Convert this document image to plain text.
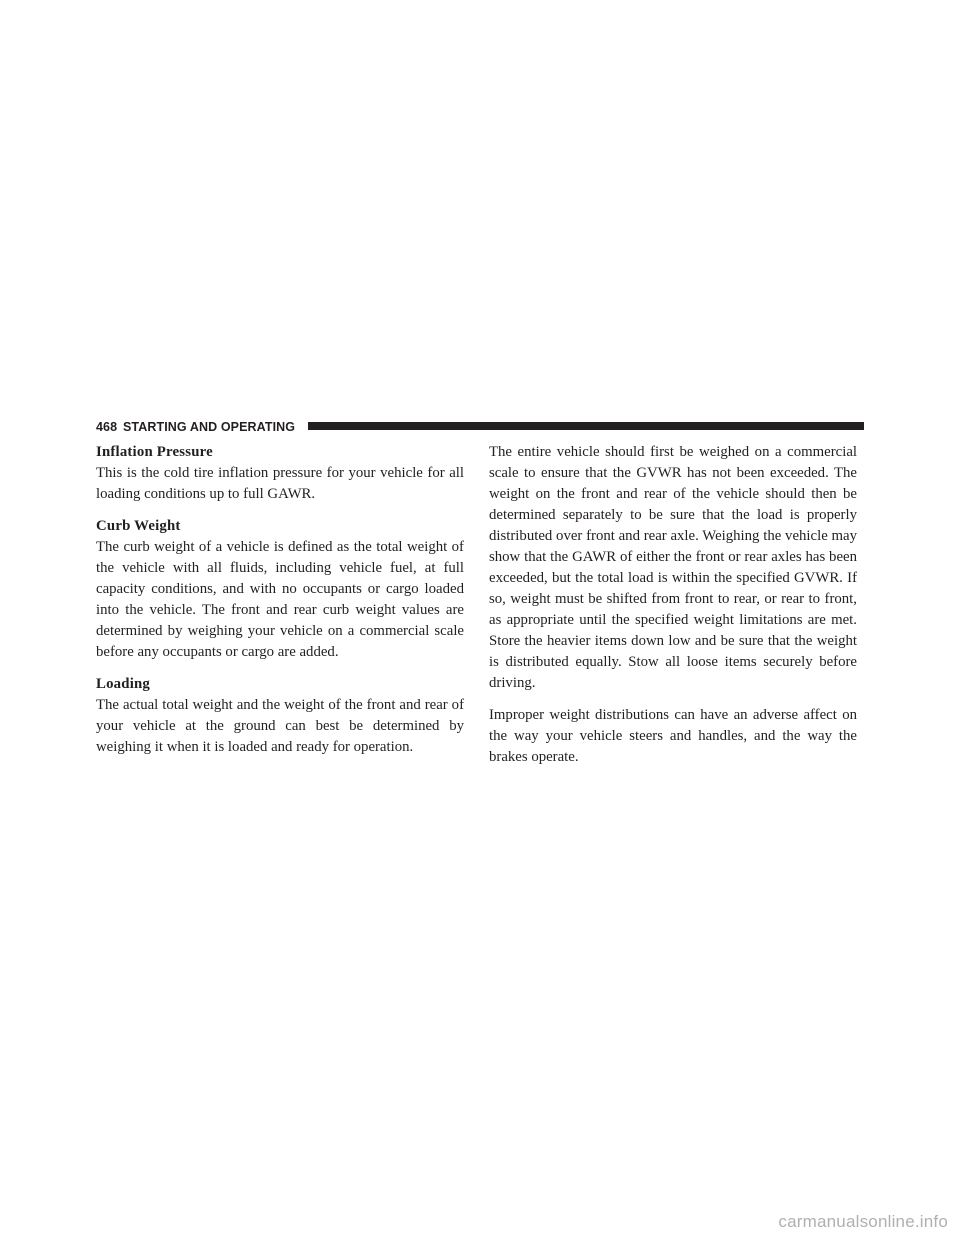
468 STARTING AND OPERATING

Inflation Pressure

This is the cold tire inflation pressure for your vehicle for all loading conditions up to full GAWR.

Curb Weight

The curb weight of a vehicle is defined as the total weight of the vehicle with all fluids, including vehicle fuel, at full capacity conditions, and with no occupants or cargo loaded into the vehicle. The front and rear curb weight values are determined by weighing your vehicle on a commercial scale before any occupants or cargo are added.

Loading

The actual total weight and the weight of the front and rear of your vehicle at the ground can best be determined by weighing it when it is loaded and ready for operation.

The entire vehicle should first be weighed on a commercial scale to ensure that the GVWR has not been exceeded. The weight on the front and rear of the vehicle should then be determined separately to be sure that the load is properly distributed over front and rear axle. Weighing the vehicle may show that the GAWR of either the front or rear axles has been exceeded, but the total load is within the specified GVWR. If so, weight must be shifted from front to rear, or rear to front, as appropriate until the specified weight limitations are met. Store the heavier items down low and be sure that the weight is distributed equally. Stow all loose items securely before driving.

Improper weight distributions can have an adverse affect on the way your vehicle steers and handles, and the way the brakes operate.

carmanualsonline.info
